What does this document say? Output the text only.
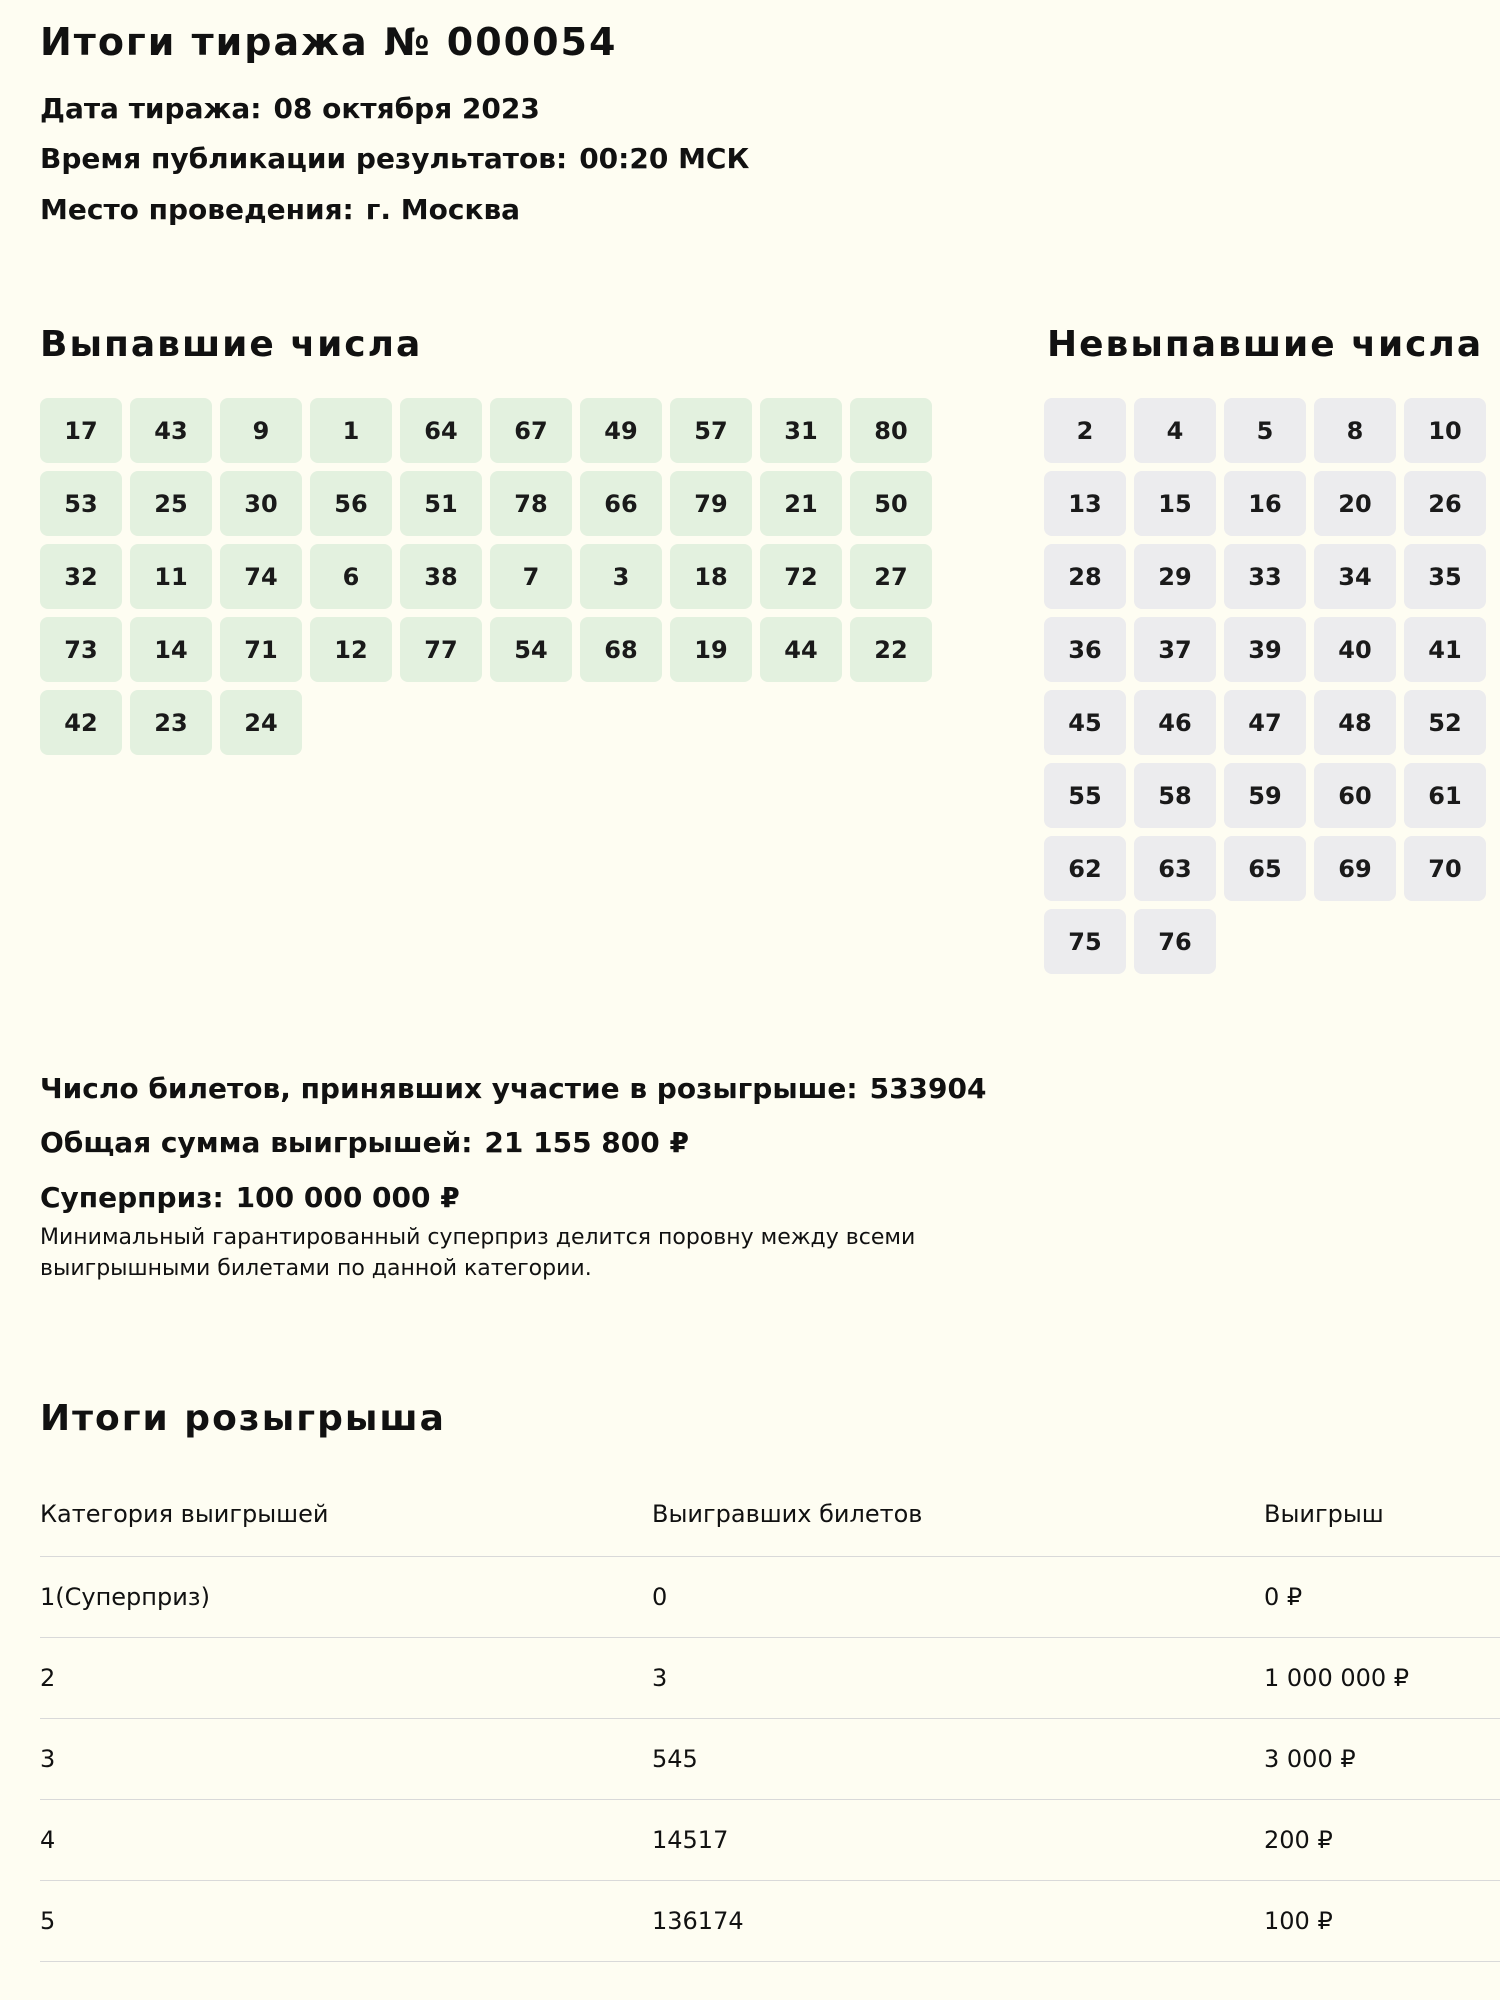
Итоги тиража № 000054

Дата тиража: 08 октября 2023

Время публикации результатов: 00:20 МСК

Место проведения: г. Москва

Выпавшие числа	Невыпавшие числа
17	43	9	1	64	67	49	57	31	80
53	25	30	56	51	78	66	79	21	50
32	11	74	6	38	7	3	18	72	27
73	14	71	12	77	54	68	19	44	22
42	23	24
2	4	5	8	10
13	15	16	20	26
28	29	33	34	35
36	37	39	40	41
45	46	47	48	52
55	58	59	60	61
62	63	65	69	70
75	76

Число билетов, принявших участие в розыгрыше: 533904

Общая сумма выигрышей: 21 155 800 ₽

Суперприз: 100 000 000 ₽

Минимальный гарантированный суперприз делится поровну между всеми выигрышными билетами по данной категории.

Итоги розыгрыша
Категория выигрышей	Выигравших билетов	Выигрыш
1(Суперприз)	0	0 ₽
2	3	1 000 000 ₽
3	545	3 000 ₽
4	14517	200 ₽
5	136174	100 ₽
